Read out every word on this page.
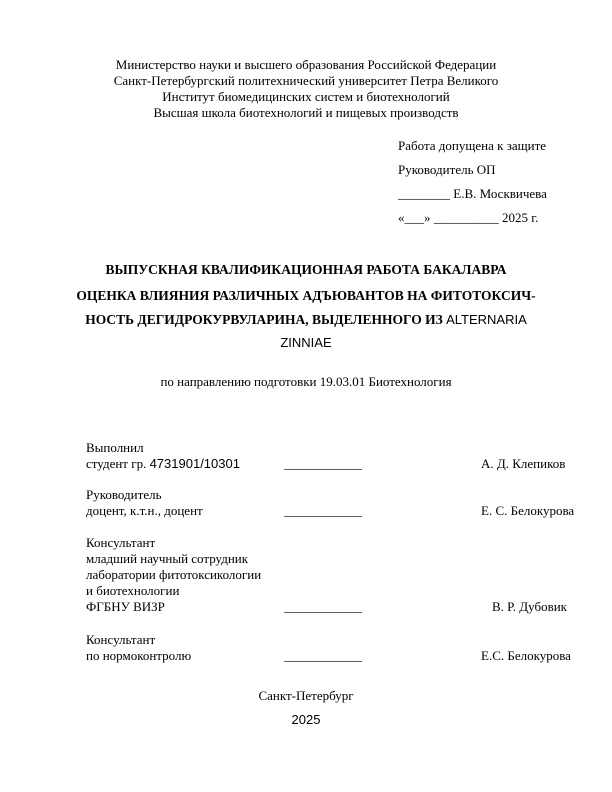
Министерство науки и высшего образования Российской Федерации
Санкт-Петербургский политехнический университет Петра Великого
Институт биомедицинских систем и биотехнологий
Высшая школа биотехнологий и пищевых производств
Работа допущена к защите
Руководитель ОП
________ Е.В. Москвичева
«___» __________ 2025 г.
ВЫПУСКНАЯ КВАЛИФИКАЦИОННАЯ РАБОТА БАКАЛАВРА
ОЦЕНКА ВЛИЯНИЯ РАЗЛИЧНЫХ АДЪЮВАНТОВ НА ФИТОТОКСИЧ-
НОСТЬ ДЕГИДРОКУРВУЛАРИНА, ВЫДЕЛЕННОГО ИЗ ALTERNARIA
ZINNIAE
по направлению подготовки 19.03.01 Биотехнология
Выполнил
студент гр. 4731901/10301	____________	А. Д. Клепиков
Руководитель
доцент, к.т.н., доцент	____________	Е. С. Белокурова
Консультант
младший научный сотрудник
лаборатории фитотоксикологии
и биотехнологии
ФГБНУ ВИЗР	____________	В. Р. Дубовик
Консультант
по нормоконтролю	____________	Е.С. Белокурова
Санкт-Петербург
2025
